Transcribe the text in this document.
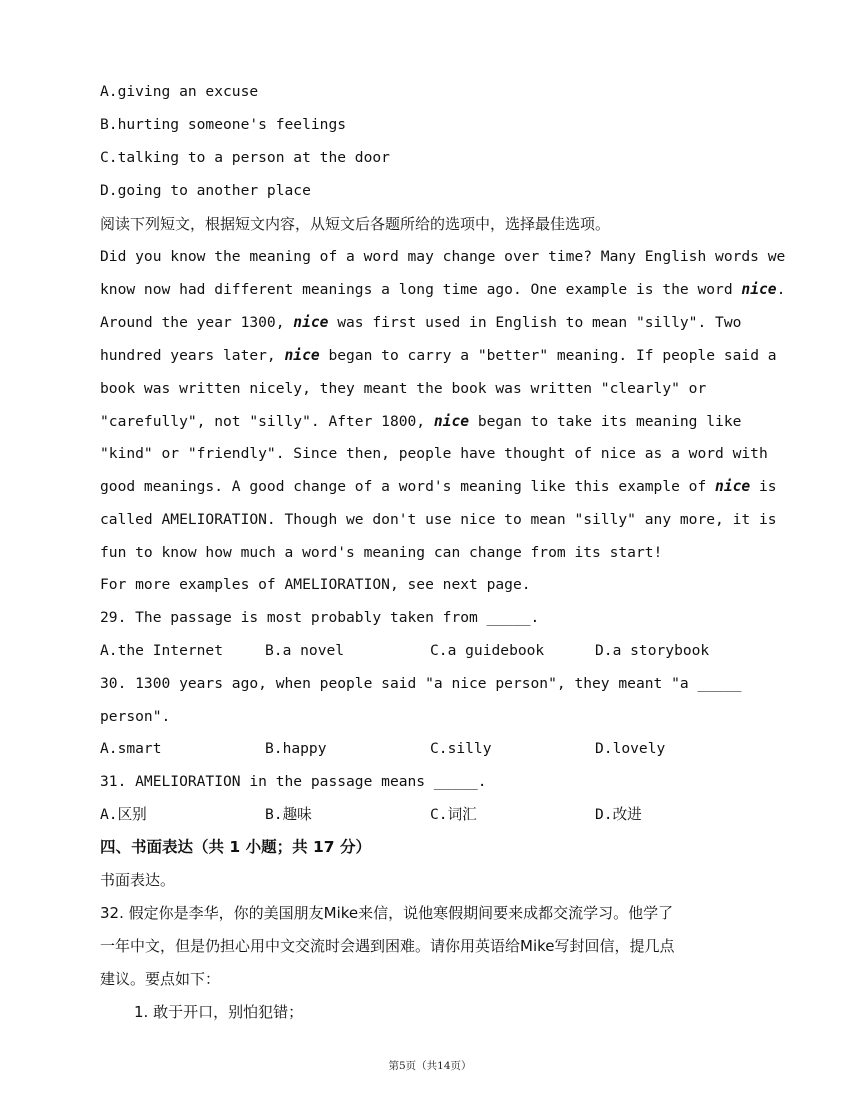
A.giving an excuse
B.hurting someone's feelings
C.talking to a person at the door
D.going to another place
阅读下列短文，根据短文内容，从短文后各题所给的选项中，选择最佳选项。
Did you know the meaning of a word may change over time? Many English words we
know now had different meanings a long time ago. One example is the word nice.
Around the year 1300, nice was first used in English to mean "silly". Two
hundred years later, nice began to carry a "better" meaning. If people said a
book was written nicely, they meant the book was written "clearly" or
"carefully", not "silly". After 1800, nice began to take its meaning like
"kind" or "friendly". Since then, people have thought of nice as a word with
good meanings. A good change of a word's meaning like this example of nice is
called AMELIORATION. Though we don't use nice to mean "silly" any more, it is
fun to know how much a word's meaning can change from its start!
For more examples of AMELIORATION, see next page.
29. The passage is most probably taken from _____.
A.the Internet	B.a novel	C.a guidebook	D.a storybook
30. 1300 years ago, when people said "a nice person", they meant "a _____
person".
A.smart	B.happy	C.silly	D.lovely
31. AMELIORATION in the passage means _____.
A.区别	B.趣味	C.词汇	D.改进
四、书面表达（共 1 小题；共 17 分）
书面表达。
32. 假定你是李华，你的美国朋友Mike来信，说他寒假期间要来成都交流学习。他学了
一年中文，但是仍担心用中文交流时会遇到困难。请你用英语给Mike写封回信，提几点
建议。要点如下：
1. 敢于开口，别怕犯错；
第5页（共14页）
